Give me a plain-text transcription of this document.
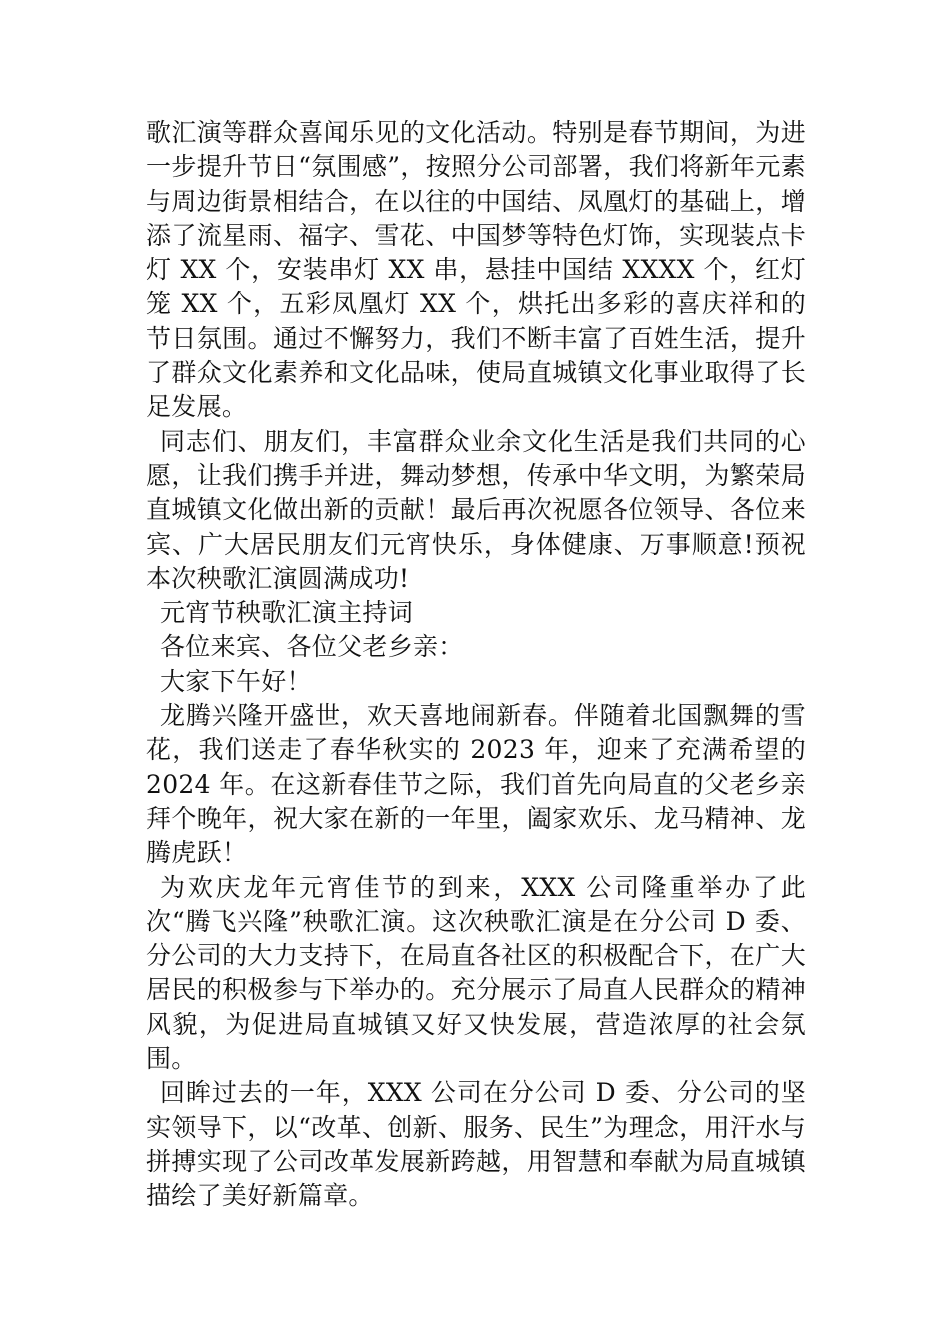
歌汇演等群众喜闻乐见的文化活动。特别是春节期间，为进一步提升节日“氛围感”，按照分公司部署，我们将新年元素与周边街景相结合，在以往的中国结、凤凰灯的基础上，增添了流星雨、福字、雪花、中国梦等特色灯饰，实现装点卡灯 XX 个，安装串灯 XX 串，悬挂中国结 XXXX 个，红灯笼 XX 个，五彩凤凰灯 XX 个，烘托出多彩的喜庆祥和的节日氛围。通过不懈努力，我们不断丰富了百姓生活，提升了群众文化素养和文化品味，使局直城镇文化事业取得了长足发展。

同志们、朋友们，丰富群众业余文化生活是我们共同的心愿，让我们携手并进，舞动梦想，传承中华文明，为繁荣局直城镇文化做出新的贡献！最后再次祝愿各位领导、各位来宾、广大居民朋友们元宵快乐，身体健康、万事顺意!预祝本次秧歌汇演圆满成功!

元宵节秧歌汇演主持词

各位来宾、各位父老乡亲：

大家下午好！

龙腾兴隆开盛世，欢天喜地闹新春。伴随着北国飘舞的雪花，我们送走了春华秋实的 2023 年，迎来了充满希望的 2024 年。在这新春佳节之际，我们首先向局直的父老乡亲拜个晚年，祝大家在新的一年里，阖家欢乐、龙马精神、龙腾虎跃！

为欢庆龙年元宵佳节的到来，XXX 公司隆重举办了此次“腾飞兴隆”秧歌汇演。这次秧歌汇演是在分公司 D 委、分公司的大力支持下，在局直各社区的积极配合下，在广大居民的积极参与下举办的。充分展示了局直人民群众的精神风貌，为促进局直城镇又好又快发展，营造浓厚的社会氛围。

回眸过去的一年，XXX 公司在分公司 D 委、分公司的坚实领导下，以“改革、创新、服务、民生”为理念，用汗水与拼搏实现了公司改革发展新跨越，用智慧和奉献为局直城镇描绘了美好新篇章。
